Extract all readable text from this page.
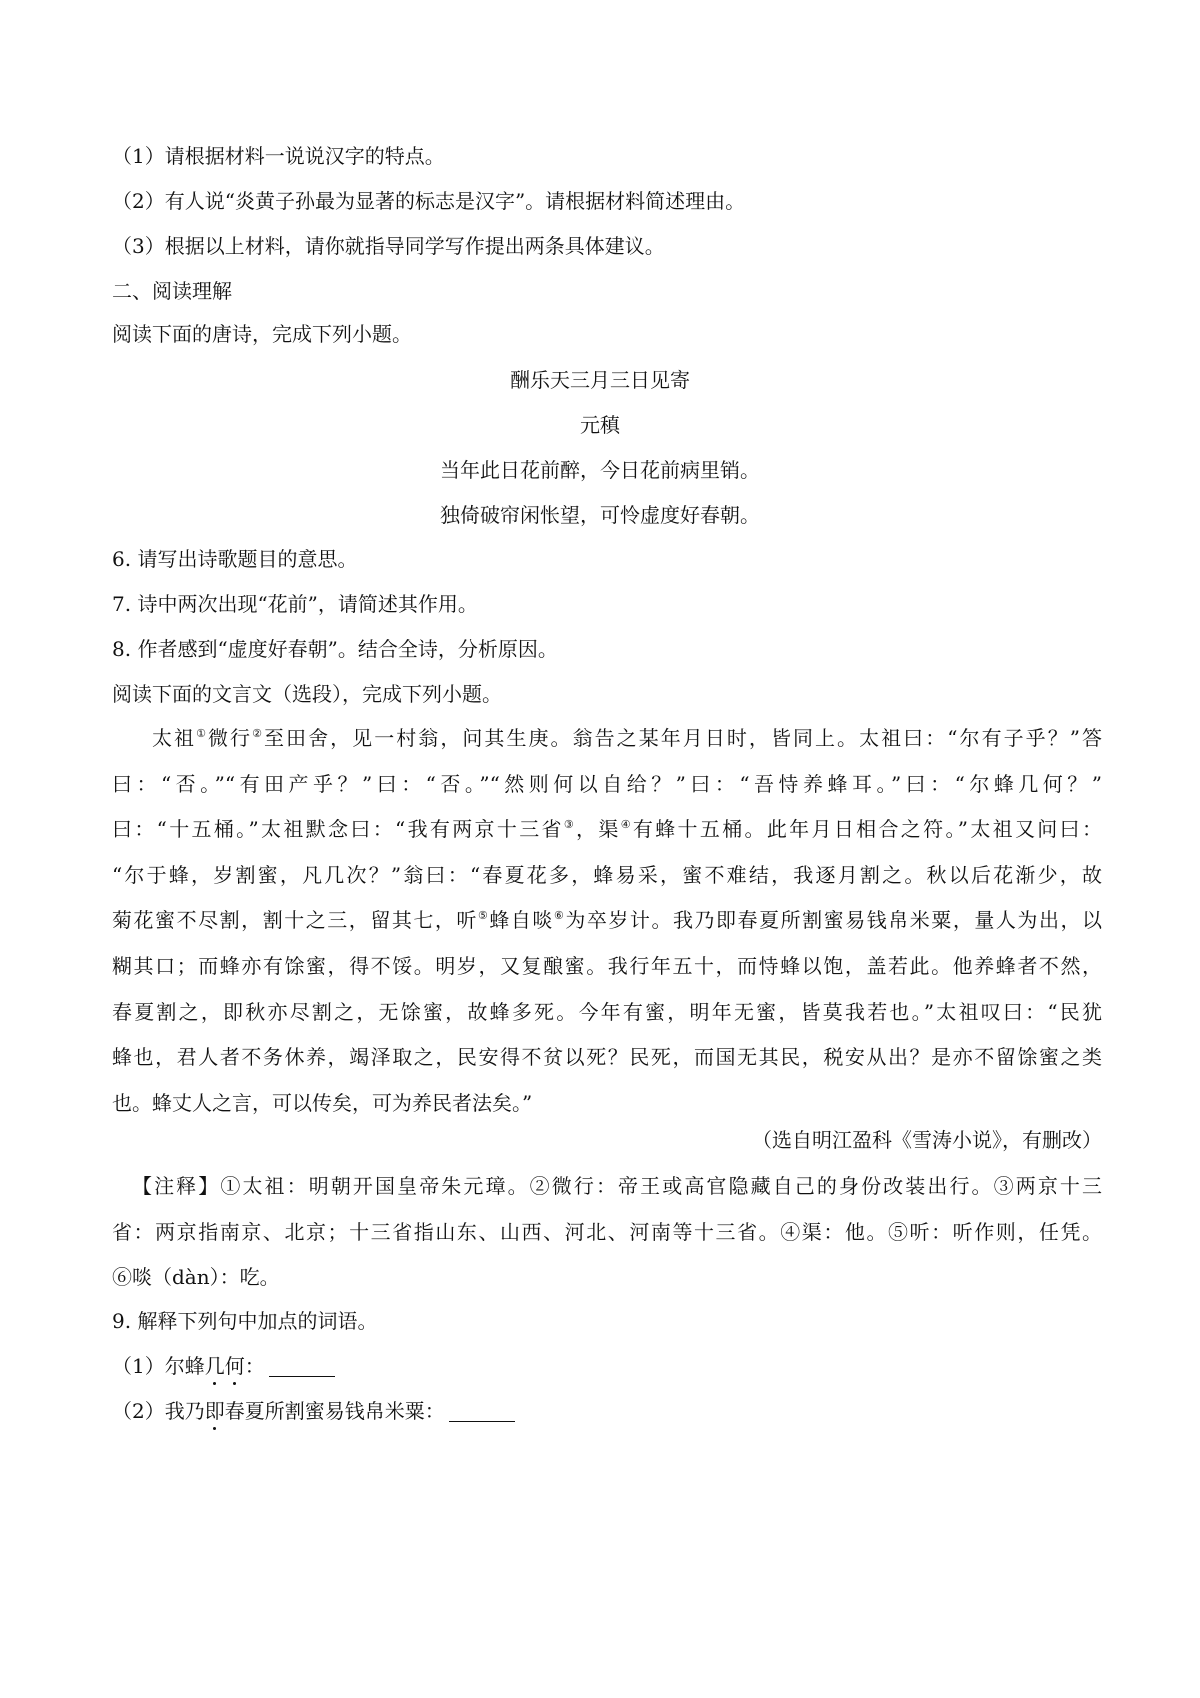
（1）请根据材料一说说汉字的特点。
（2）有人说“炎黄子孙最为显著的标志是汉字”。请根据材料简述理由。
（3）根据以上材料，请你就指导同学写作提出两条具体建议。
二、阅读理解
阅读下面的唐诗，完成下列小题。
酬乐天三月三日见寄
元稹
当年此日花前醉，今日花前病里销。
独倚破帘闲怅望，可怜虚度好春朝。
6. 请写出诗歌题目的意思。
7. 诗中两次出现“花前”，请简述其作用。
8. 作者感到“虚度好春朝”。结合全诗，分析原因。
阅读下面的文言文（选段），完成下列小题。
太祖①微行②至田舍，见一村翁，问其生庚。翁告之某年月日时，皆同上。太祖曰：“尔有子乎？”答
曰：“否。”“有田产乎？”曰：“否。”“然则何以自给？”曰：“吾恃养蜂耳。”曰：“尔蜂几何？”
曰：“十五桶。”太祖默念曰：“我有两京十三省③，渠④有蜂十五桶。此年月日相合之符。”太祖又问曰：
“尔于蜂，岁割蜜，凡几次？”翁曰：“春夏花多，蜂易采，蜜不难结，我逐月割之。秋以后花渐少，故
菊花蜜不尽割，割十之三，留其七，听⑤蜂自啖⑥为卒岁计。我乃即春夏所割蜜易钱帛米粟，量人为出，以
糊其口；而蜂亦有馀蜜，得不馁。明岁，又复酿蜜。我行年五十，而恃蜂以饱，盖若此。他养蜂者不然，
春夏割之，即秋亦尽割之，无馀蜜，故蜂多死。今年有蜜，明年无蜜，皆莫我若也。”太祖叹曰：“民犹
蜂也，君人者不务休养，竭泽取之，民安得不贫以死？民死，而国无其民，税安从出？是亦不留馀蜜之类
也。蜂丈人之言，可以传矣，可为养民者法矣。”
（选自明江盈科《雪涛小说》，有删改）
【注释】①太祖：明朝开国皇帝朱元璋。②微行：帝王或高官隐藏自己的身份改装出行。③两京十三
省：两京指南京、北京；十三省指山东、山西、河北、河南等十三省。④渠：他。⑤听：听作则，任凭。
⑥啖（dàn）：吃。
9. 解释下列句中加点的词语。
（1）尔蜂几何：
（2）我乃即春夏所割蜜易钱帛米粟：
